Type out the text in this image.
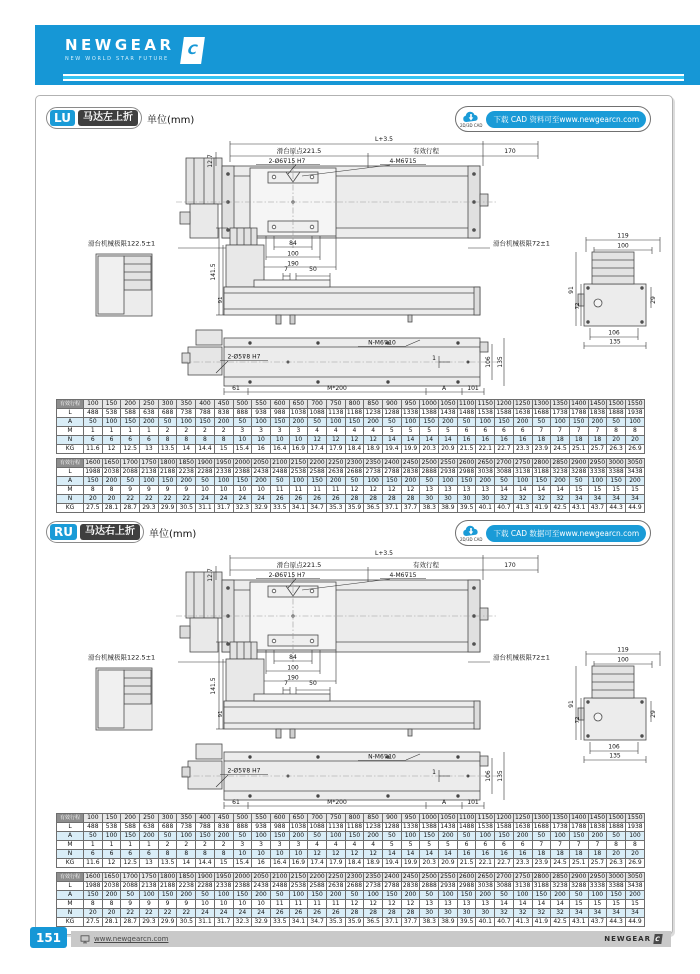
NEWGEAR
NEW WORLD STAR FUTURE
C
LU	马达左上折	单位(mm)	2D/3D CAD
下载 CAD 资料可至www.newgearcn.com
L+3.5
滑台原点221.5	有效行程	170
2-Ø6⊽15 H7	4-M6⊽15
12.7
84
100
190
滑台机械极限122.5±1	滑台机械极限72±1
119
100
141.5
91
7	50
91
72
29
106
135
N-M6⊽10
2-Ø5⊽8 H7	1	106 135
61	M*200	A	101
有效行程	100	150	200	250	300	350	400	450	500	550	600	650	700	750	800	850	900	950	1000	1050	1100	1150	1200	1250	1300	1350	1400	1450	1500	1550
L	488	538	588	638	688	738	788	838	888	938	988	1038	1088	1138	1188	1238	1288	1338	1388	1438	1488	1538	1588	1638	1688	1738	1788	1838	1888	1938
A	50	100	150	200	50	100	150	200	50	100	150	200	50	100	150	200	50	100	150	200	50	100	150	200	50	100	150	200	50	100
M	1	1	1	1	2	2	2	2	3	3	3	3	4	4	4	4	5	5	5	5	6	6	6	6	7	7	7	7	8	8
N	6	6	6	6	8	8	8	8	10	10	10	10	12	12	12	12	14	14	14	14	16	16	16	16	18	18	18	18	20	20
KG	11.6	12	12.5	13	13.5	14	14.4	15	15.4	16	16.4	16.9	17.4	17.9	18.4	18.9	19.4	19.9	20.3	20.9	21.5	22.1	22.7	23.3	23.9	24.5	25.1	25.7	26.3	26.9
有效行程	1600	1650	1700	1750	1800	1850	1900	1950	2000	2050	2100	2150	2200	2250	2300	2350	2400	2450	2500	2550	2600	2650	2700	2750	2800	2850	2900	2950	3000	3050
L	1988	2038	2088	2138	2188	2238	2288	2338	2388	2438	2488	2538	2588	2638	2688	2738	2788	2838	2888	2938	2988	3038	3088	3138	3188	3238	3288	3338	3388	3438
A	150	200	50	100	150	200	50	100	150	200	50	100	150	200	50	100	150	200	50	100	150	200	50	100	150	200	50	100	150	200
M	8	8	9	9	9	9	10	10	10	10	11	11	11	11	12	12	12	12	13	13	13	13	14	14	14	14	15	15	15	15
N	20	20	22	22	22	22	24	24	24	24	26	26	26	26	28	28	28	28	30	30	30	30	32	32	32	32	34	34	34	34
KG	27.5	28.1	28.7	29.3	29.9	30.5	31.1	31.7	32.3	32.9	33.5	34.1	34.7	35.3	35.9	36.5	37.1	37.7	38.3	38.9	39.5	40.1	40.7	41.3	41.9	42.5	43.1	43.7	44.3	44.9
RU	马达右上折	单位(mm)	2D/3D CAD
下载 CAD 数据可至www.newgearcn.com
L+3.5
滑台原点221.5	有效行程	170
2-Ø6⊽15 H7	4-M6⊽15
12.7
84
100
190
滑台机械极限122.5±1	滑台机械极限72±1
119
100
141.5
91
7	50
91
72
29
106
135
N-M6⊽10
2-Ø5⊽8 H7	1	106 135
61	M*200	A	101
有效行程	100	150	200	250	300	350	400	450	500	550	600	650	700	750	800	850	900	950	1000	1050	1100	1150	1200	1250	1300	1350	1400	1450	1500	1550
L	488	538	588	638	688	738	788	838	888	938	988	1038	1088	1138	1188	1238	1288	1338	1388	1438	1488	1538	1588	1638	1688	1738	1788	1838	1888	1938
A	50	100	150	200	50	100	150	200	50	100	150	200	50	100	150	200	50	100	150	200	50	100	150	200	50	100	150	200	50	100
M	1	1	1	1	2	2	2	2	3	3	3	3	4	4	4	4	5	5	5	5	6	6	6	6	7	7	7	7	8	8
N	6	6	6	6	8	8	8	8	10	10	10	10	12	12	12	12	14	14	14	14	16	16	16	16	18	18	18	18	20	20
KG	11.6	12	12.5	13	13.5	14	14.4	15	15.4	16	16.4	16.9	17.4	17.9	18.4	18.9	19.4	19.9	20.3	20.9	21.5	22.1	22.7	23.3	23.9	24.5	25.1	25.7	26.3	26.9
有效行程	1600	1650	1700	1750	1800	1850	1900	1950	2000	2050	2100	2150	2200	2250	2300	2350	2400	2450	2500	2550	2600	2650	2700	2750	2800	2850	2900	2950	3000	3050
L	1988	2038	2088	2138	2188	2238	2288	2338	2388	2438	2488	2538	2588	2638	2688	2738	2788	2838	2888	2938	2988	3038	3088	3138	3188	3238	3288	3338	3388	3438
A	150	200	50	100	150	200	50	100	150	200	50	100	150	200	50	100	150	200	50	100	150	200	50	100	150	200	50	100	150	200
M	8	8	9	9	9	9	10	10	10	10	11	11	11	11	12	12	12	12	13	13	13	13	14	14	14	14	15	15	15	15
N	20	20	22	22	22	22	24	24	24	24	26	26	26	26	28	28	28	28	30	30	30	30	32	32	32	32	34	34	34	34
KG	27.5	28.1	28.7	29.3	29.9	30.5	31.1	31.7	32.3	32.9	33.5	34.1	34.7	35.3	35.9	36.5	37.1	37.7	38.3	38.9	39.5	40.1	40.7	41.3	41.9	42.5	43.1	43.7	44.3	44.9
151	www.newgearcn.com	NEWGEAR C
